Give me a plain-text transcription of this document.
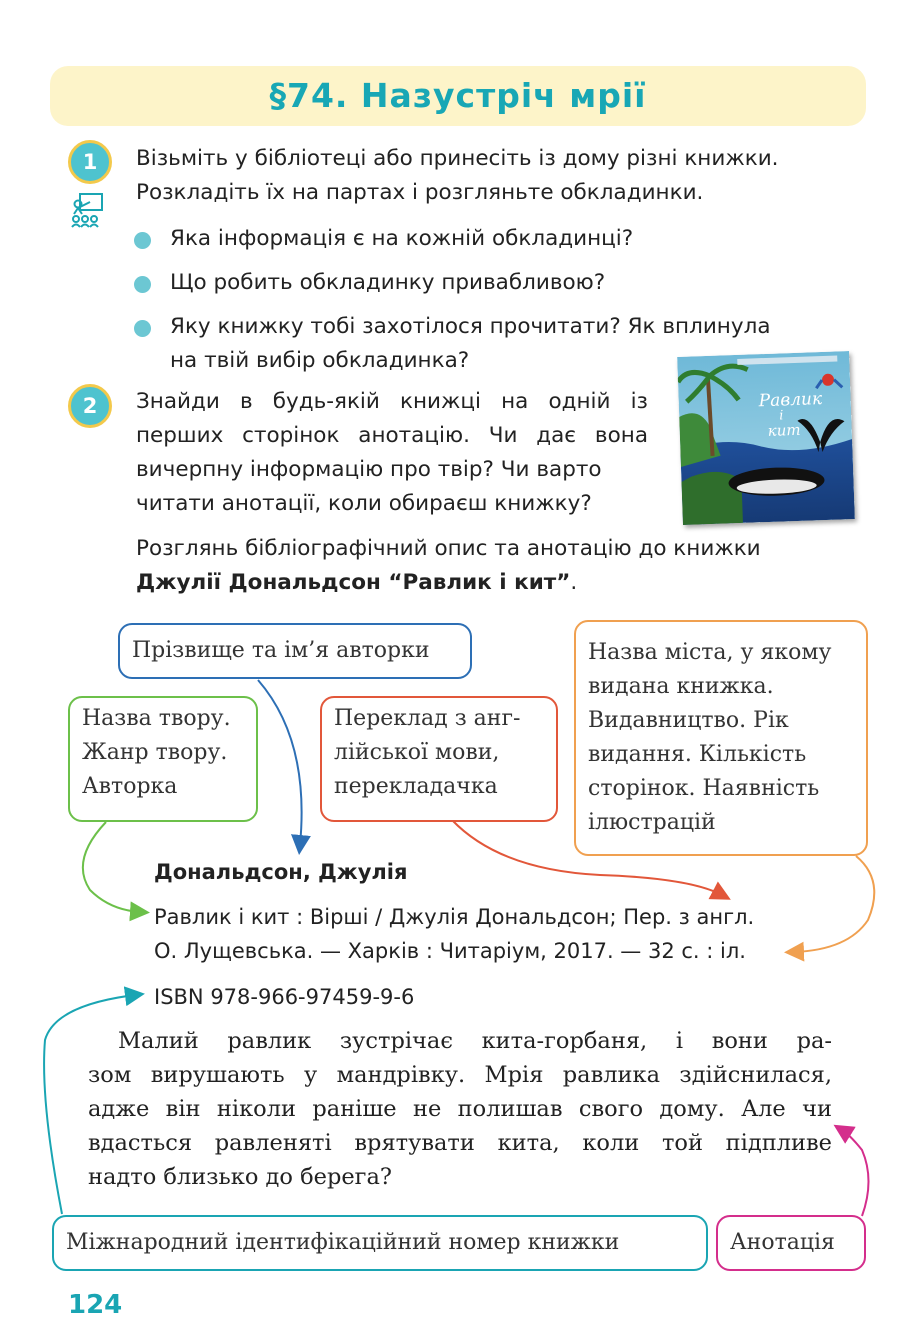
§74. Назустріч мрії
1	Візьміть у бібліотеці або принесіть із дому різні книжки.
Розкладіть їх на партах і розгляньте обкладинки.
Яка інформація є на кожній обкладинці?
Що робить обкладинку привабливою?
Яку книжку тобі захотілося прочитати? Як вплинула
на твій вибір обкладинка?
2	Знайди в будь-якій книжці на одній із
перших сторінок анотацію. Чи дає вона
вичерпну інформацію про твір? Чи варто
читати анотації, коли обираєш книжку?
Равлик
і
кит
Розглянь бібліографічний опис та анотацію до книжки
Джулії Дональдсон “Равлик і кит”.
Прізвище та ім’я авторки
Назва твору.
Жанр твору.
Авторка
Переклад з анг-
лійської мови,
перекладачка
Назва міста, у якому
видана книжка.
Видавництво. Рік
видання. Кількість
сторінок. Наявність
ілюстрацій
Дональдсон, Джулія
Равлик і кит : Вірші / Джулія Дональдсон; Пер. з англ.
О. Лущевська. — Харків : Читаріум, 2017. — 32 с. : іл.
ISBN 978-966-97459-9-6
Малий равлик зустрічає кита-горбаня, і вони ра-
зом вирушають у мандрівку. Мрія равлика здійснилася,
адже він ніколи раніше не полишав свого дому. Але чи
вдасться равленяті врятувати кита, коли той підпливе
надто близько до берега?
Міжнародний ідентифікаційний номер книжки	Анотація
124
